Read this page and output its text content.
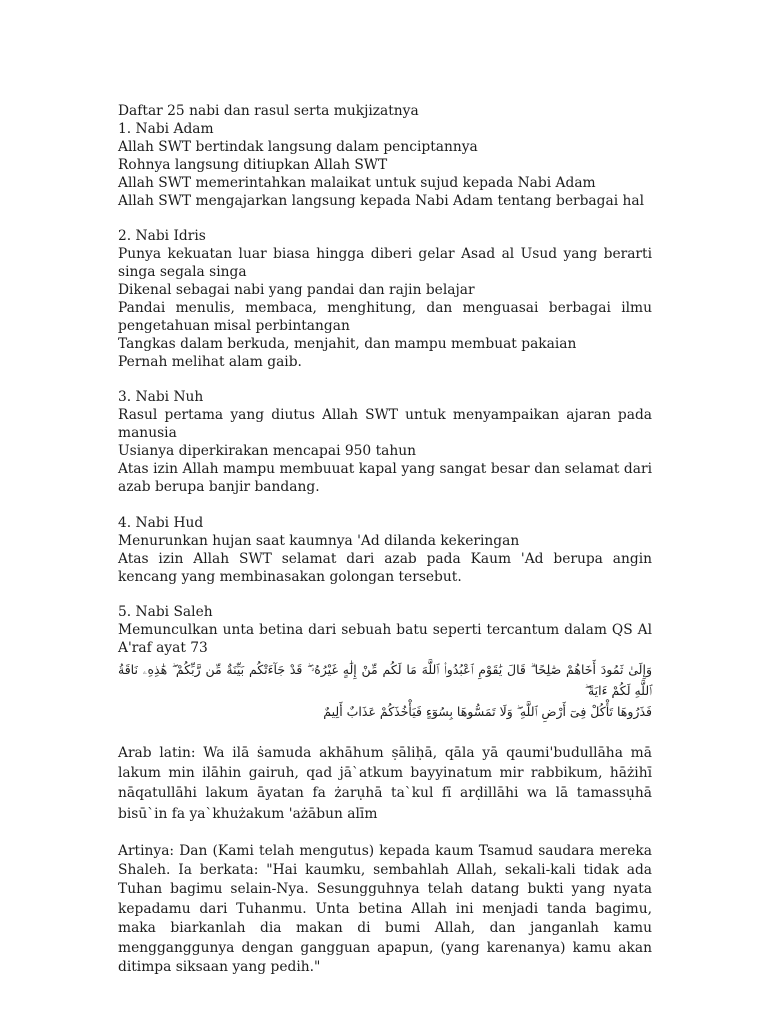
Daftar 25 nabi dan rasul serta mukjizatnya
1. Nabi Adam
Allah SWT bertindak langsung dalam penciptannya
Rohnya langsung ditiupkan Allah SWT
Allah SWT memerintahkan malaikat untuk sujud kepada Nabi Adam
Allah SWT mengajarkan langsung kepada Nabi Adam tentang berbagai hal
2. Nabi Idris
Punya kekuatan luar biasa hingga diberi gelar Asad al Usud yang berarti singa segala singa
Dikenal sebagai nabi yang pandai dan rajin belajar
Pandai menulis, membaca, menghitung, dan menguasai berbagai ilmu pengetahuan misal perbintangan
Tangkas dalam berkuda, menjahit, dan mampu membuat pakaian
Pernah melihat alam gaib.
3. Nabi Nuh
Rasul pertama yang diutus Allah SWT untuk menyampaikan ajaran pada manusia
Usianya diperkirakan mencapai 950 tahun
Atas izin Allah mampu membuuat kapal yang sangat besar dan selamat dari azab berupa banjir bandang.
4. Nabi Hud
Menurunkan hujan saat kaumnya 'Ad dilanda kekeringan
Atas izin Allah SWT selamat dari azab pada Kaum 'Ad berupa angin kencang yang membinasakan golongan tersebut.
5. Nabi Saleh
Memunculkan unta betina dari sebuah batu seperti tercantum dalam QS Al A'raf ayat 73
وَإِلَىٰ ثَمُودَ أَخَاهُمْ صَٰلِحًا ۗ قَالَ يَٰقَوْمِ ٱعْبُدُوا۟ ٱللَّهَ مَا لَكُم مِّنْ إِلَٰهٍ غَيْرُهُۥ ۖ قَدْ جَآءَتْكُم بَيِّنَةٌ مِّن رَّبِّكُمْ ۖ هَٰذِهِۦ نَاقَةُ ٱللَّهِ لَكُمْ ءَايَةً ۖ
فَذَرُوهَا تَأْكُلْ فِىٓ أَرْضِ ٱللَّهِ ۖ وَلَا تَمَسُّوهَا بِسُوٓءٍ فَيَأْخُذَكُمْ عَذَابٌ أَلِيمٌ
Arab latin: Wa ilā ṡamuda akhāhum ṣāliḥā, qāla yā qaumi'budullāha mā lakum min ilāhin gairuh, qad jā`atkum bayyinatum mir rabbikum, hāżihī nāqatullāhi lakum āyatan fa żarụhā ta`kul fī arḍillāhi wa lā tamassụhā bisū`in fa ya`khużakum 'ażābun alīm
Artinya: Dan (Kami telah mengutus) kepada kaum Tsamud saudara mereka Shaleh. Ia berkata: "Hai kaumku, sembahlah Allah, sekali-kali tidak ada Tuhan bagimu selain-Nya. Sesungguhnya telah datang bukti yang nyata kepadamu dari Tuhanmu. Unta betina Allah ini menjadi tanda bagimu, maka biarkanlah dia makan di bumi Allah, dan janganlah kamu mengganggunya dengan gangguan apapun, (yang karenanya) kamu akan ditimpa siksaan yang pedih."
